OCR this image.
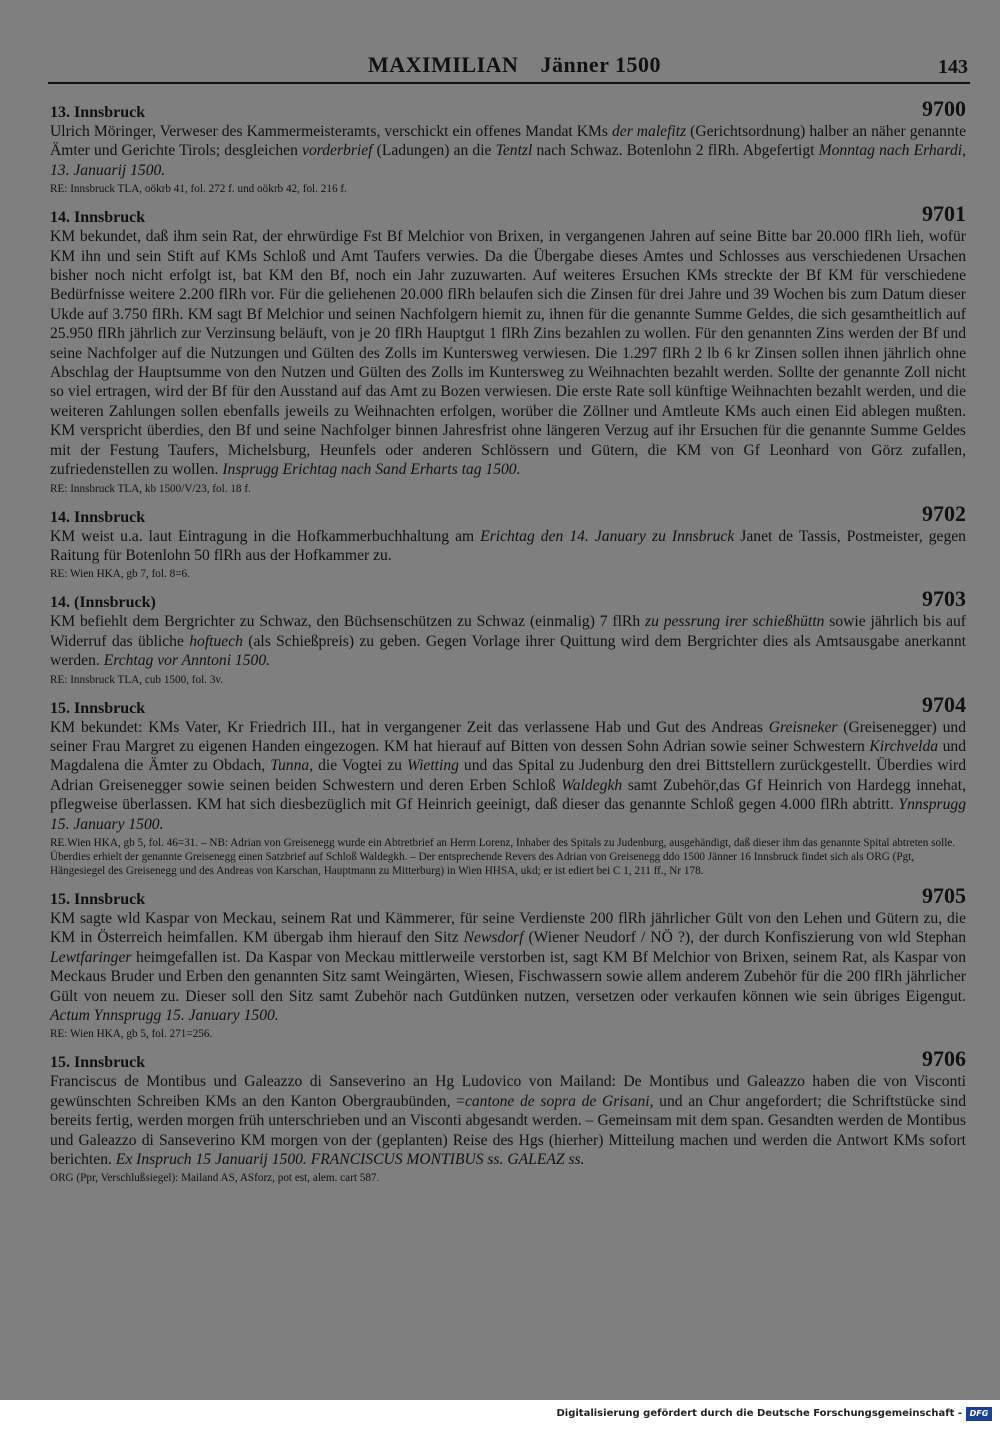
MAXIMILIAN Jänner 1500	143
13. Innsbruck	9700

Ulrich Möringer, Verweser des Kammermeisteramts, verschickt ein offenes Mandat KMs der malefitz (Gerichtsordnung) halber an näher genannte Ämter und Gerichte Tirols; desgleichen vorderbrief (Ladungen) an die Tentzl nach Schwaz. Botenlohn 2 flRh. Abgefertigt Monntag nach Erhardi, 13. Januarij 1500.

RE: Innsbruck TLA, oökrb 41, fol. 272 f. und oökrb 42, fol. 216 f.
14. Innsbruck	9701

KM bekundet, daß ihm sein Rat, der ehrwürdige Fst Bf Melchior von Brixen, in vergangenen Jahren auf seine Bitte bar 20.000 flRh lieh, wofür KM ihn und sein Stift auf KMs Schloß und Amt Taufers verwies. Da die Übergabe dieses Amtes und Schlosses aus verschiedenen Ursachen bisher noch nicht erfolgt ist, bat KM den Bf, noch ein Jahr zuzuwarten. Auf weiteres Ersuchen KMs streckte der Bf KM für verschiedene Bedürfnisse weitere 2.200 flRh vor. Für die geliehenen 20.000 flRh belaufen sich die Zinsen für drei Jahre und 39 Wochen bis zum Datum dieser Ukde auf 3.750 flRh. KM sagt Bf Melchior und seinen Nachfolgern hiemit zu, ihnen für die genannte Summe Geldes, die sich gesamtheitlich auf 25.950 flRh jährlich zur Verzinsung beläuft, von je 20 flRh Hauptgut 1 flRh Zins bezahlen zu wollen. Für den genannten Zins werden der Bf und seine Nachfolger auf die Nutzungen und Gülten des Zolls im Kuntersweg verwiesen. Die 1.297 flRh 2 lb 6 kr Zinsen sollen ihnen jährlich ohne Abschlag der Hauptsumme von den Nutzen und Gülten des Zolls im Kuntersweg zu Weihnachten bezahlt werden. Sollte der genannte Zoll nicht so viel ertragen, wird der Bf für den Ausstand auf das Amt zu Bozen verwiesen. Die erste Rate soll künftige Weihnachten bezahlt werden, und die weiteren Zahlungen sollen ebenfalls jeweils zu Weihnachten erfolgen, worüber die Zöllner und Amtleute KMs auch einen Eid ablegen mußten. KM verspricht überdies, den Bf und seine Nachfolger binnen Jahresfrist ohne längeren Verzug auf ihr Ersuchen für die genannte Summe Geldes mit der Festung Taufers, Michelsburg, Heunfels oder anderen Schlössern und Gütern, die KM von Gf Leonhard von Görz zufallen, zufriedenstellen zu wollen. Insprugg Erichtag nach Sand Erharts tag 1500.

RE: Innsbruck TLA, kb 1500/V/23, fol. 18 f.
14. Innsbruck	9702

KM weist u.a. laut Eintragung in die Hofkammerbuchhaltung am Erichtag den 14. January zu Innsbruck Janet de Tassis, Postmeister, gegen Raitung für Botenlohn 50 flRh aus der Hofkammer zu.

RE: Wien HKA, gb 7, fol. 8=6.
14. (Innsbruck)	9703

KM befiehlt dem Bergrichter zu Schwaz, den Büchsenschützen zu Schwaz (einmalig) 7 flRh zu pessrung irer schießhüttn sowie jährlich bis auf Widerruf das übliche hoftuech (als Schießpreis) zu geben. Gegen Vorlage ihrer Quittung wird dem Bergrichter dies als Amtsausgabe anerkannt werden. Erchtag vor Anntoni 1500.

RE: Innsbruck TLA, cub 1500, fol. 3v.
15. Innsbruck	9704

KM bekundet: KMs Vater, Kr Friedrich III., hat in vergangener Zeit das verlassene Hab und Gut des Andreas Greisneker (Greisenegger) und seiner Frau Margret zu eigenen Handen eingezogen. KM hat hierauf auf Bitten von dessen Sohn Adrian sowie seiner Schwestern Kirchvelda und Magdalena die Ämter zu Obdach, Tunna, die Vogtei zu Wietting und das Spital zu Judenburg den drei Bittstellern zurückgestellt. Überdies wird Adrian Greisenegger sowie seinen beiden Schwestern und deren Erben Schloß Waldegkh samt Zubehör,das Gf Heinrich von Hardegg innehat, pflegweise überlassen. KM hat sich diesbezüglich mit Gf Heinrich geeinigt, daß dieser das genannte Schloß gegen 4.000 flRh abtritt. Ynnsprugg 15. January 1500.

RE.Wien HKA, gb 5, fol. 46=31. – NB: Adrian von Greisenegg wurde ein Abtretbrief an Herrn Lorenz, Inhaber des Spitals zu Judenburg, ausgehändigt, daß dieser ihm das genannte Spital abtreten solle. Überdies erhielt der genannte Greisenegg einen Satzbrief auf Schloß Waldegkh. – Der entsprechende Revers des Adrian von Greisenegg ddo 1500 Jänner 16 Innsbruck findet sich als ORG (Pgt, Hängesiegel des Greisenegg und des Andreas von Karschan, Hauptmann zu Mitterburg) in Wien HHSA, ukd; er ist ediert bei C 1, 211 ff., Nr 178.
15. Innsbruck	9705

KM sagte wld Kaspar von Meckau, seinem Rat und Kämmerer, für seine Verdienste 200 flRh jährlicher Gült von den Lehen und Gütern zu, die KM in Österreich heimfallen. KM übergab ihm hierauf den Sitz Newsdorf (Wiener Neudorf / NÖ ?), der durch Konfiszierung von wld Stephan Lewtfaringer heimgefallen ist. Da Kaspar von Meckau mittlerweile verstorben ist, sagt KM Bf Melchior von Brixen, seinem Rat, als Kaspar von Meckaus Bruder und Erben den genannten Sitz samt Weingärten, Wiesen, Fischwassern sowie allem anderem Zubehör für die 200 flRh jährlicher Gült von neuem zu. Dieser soll den Sitz samt Zubehör nach Gutdünken nutzen, versetzen oder verkaufen können wie sein übriges Eigengut. Actum Ynnsprugg 15. January 1500.

RE: Wien HKA, gb 5, fol. 271=256.
15. Innsbruck	9706

Franciscus de Montibus und Galeazzo di Sanseverino an Hg Ludovico von Mailand: De Montibus und Galeazzo haben die von Visconti gewünschten Schreiben KMs an den Kanton Obergraubünden, =cantone de sopra de Grisani, und an Chur angefordert; die Schriftstücke sind bereits fertig, werden morgen früh unterschrieben und an Visconti abgesandt werden. – Gemeinsam mit dem span. Gesandten werden de Montibus und Galeazzo di Sanseverino KM morgen von der (geplanten) Reise des Hgs (hierher) Mitteilung machen und werden die Antwort KMs sofort berichten. Ex Inspruch 15 Januarij 1500. FRANCISCUS MONTIBUS ss. GALEAZ ss.

ORG (Ppr, Verschlußsiegel): Mailand AS, ASforz, pot est, alem. cart 587.
Digitalisierung gefördert durch die Deutsche Forschungsgemeinschaft - DFG
